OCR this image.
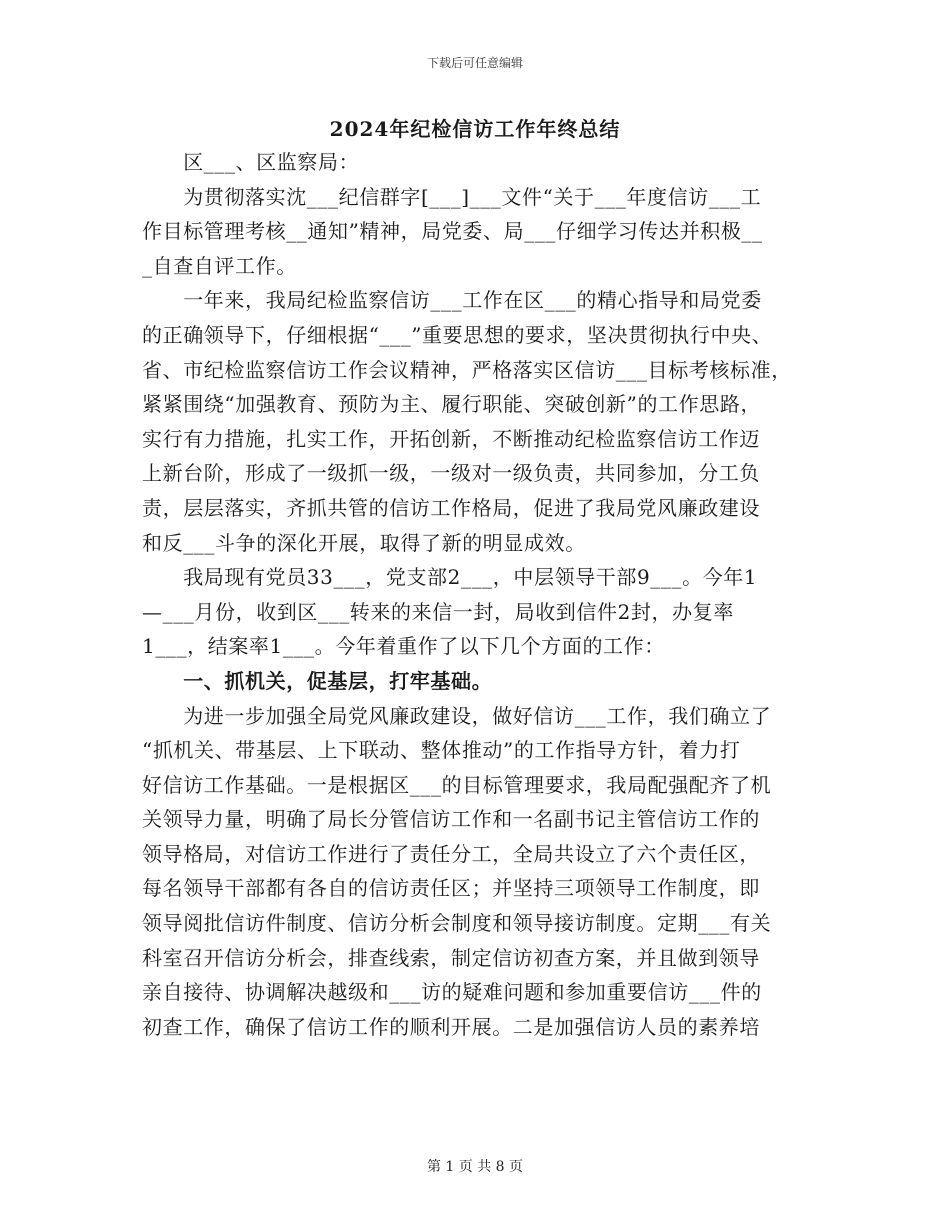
下载后可任意编辑
2024年纪检信访工作年终总结
　　区___、区监察局：
　　为贯彻落实沈___纪信群字[___]___文件“关于___年度信访___工
作目标管理考核__通知”精神，局党委、局___仔细学习传达并积极__
_自查自评工作。
　　一年来，我局纪检监察信访___工作在区___的精心指导和局党委
的正确领导下，仔细根据“___”重要思想的要求，坚决贯彻执行中央、
省、市纪检监察信访工作会议精神，严格落实区信访___目标考核标准，
紧紧围绕“加强教育、预防为主、履行职能、突破创新”的工作思路，
实行有力措施，扎实工作，开拓创新，不断推动纪检监察信访工作迈
上新台阶，形成了一级抓一级，一级对一级负责，共同参加，分工负
责，层层落实，齐抓共管的信访工作格局，促进了我局党风廉政建设
和反___斗争的深化开展，取得了新的明显成效。
　　我局现有党员33___，党支部2___，中层领导干部9___。今年1
—___月份，收到区___转来的来信一封，局收到信件2封，办复率
1___，结案率1___。今年着重作了以下几个方面的工作：
　　一、抓机关，促基层，打牢基础。
　　为进一步加强全局党风廉政建设，做好信访___工作，我们确立了
“抓机关、带基层、上下联动、整体推动”的工作指导方针，着力打
好信访工作基础。一是根据区___的目标管理要求，我局配强配齐了机
关领导力量，明确了局长分管信访工作和一名副书记主管信访工作的
领导格局，对信访工作进行了责任分工，全局共设立了六个责任区，
每名领导干部都有各自的信访责任区；并坚持三项领导工作制度，即
领导阅批信访件制度、信访分析会制度和领导接访制度。定期___有关
科室召开信访分析会，排查线索，制定信访初查方案，并且做到领导
亲自接待、协调解决越级和___访的疑难问题和参加重要信访___件的
初查工作，确保了信访工作的顺利开展。二是加强信访人员的素养培
第 1 页 共 8 页
